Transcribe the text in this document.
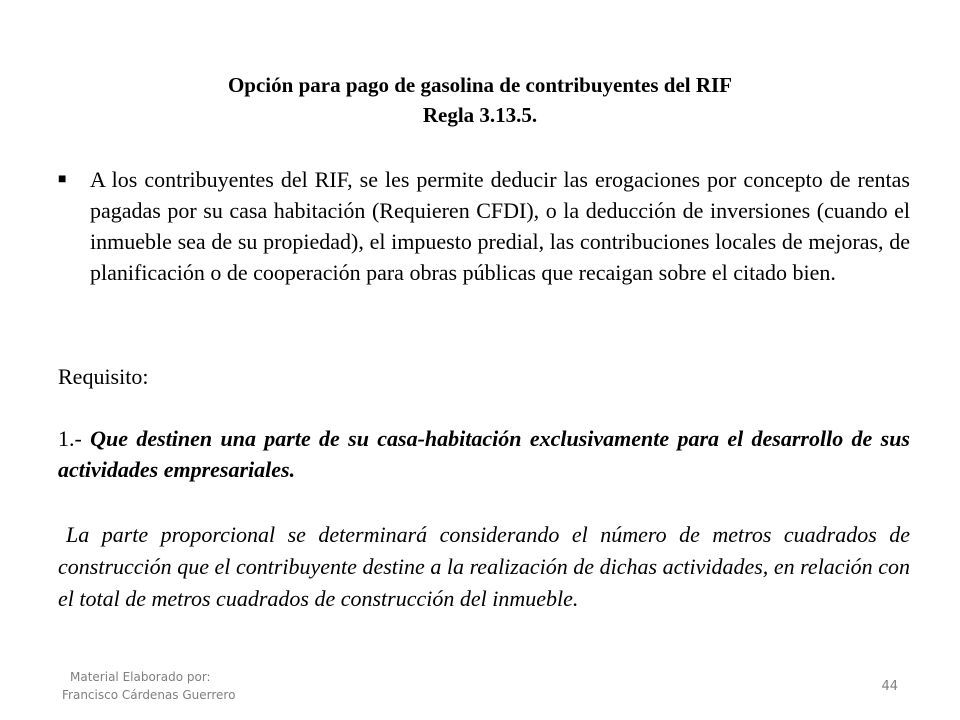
Opción para pago de gasolina de contribuyentes del RIF
Regla 3.13.5.
■	A los contribuyentes del RIF, se les permite deducir las erogaciones por concepto de rentas pagadas por su casa habitación (Requieren CFDI), o la deducción de inversiones (cuando el inmueble sea de su propiedad), el impuesto predial, las contribuciones locales de mejoras, de planificación o de cooperación para obras públicas que recaigan sobre el citado bien.
Requisito:
1.- Que destinen una parte de su casa-habitación exclusivamente para el desarrollo de sus actividades empresariales.
La parte proporcional se determinará considerando el número de metros cuadrados de construcción que el contribuyente destine a la realización de dichas actividades, en relación con el total de metros cuadrados de construcción del inmueble.
Material Elaborado por:
Francisco Cárdenas Guerrero
44
